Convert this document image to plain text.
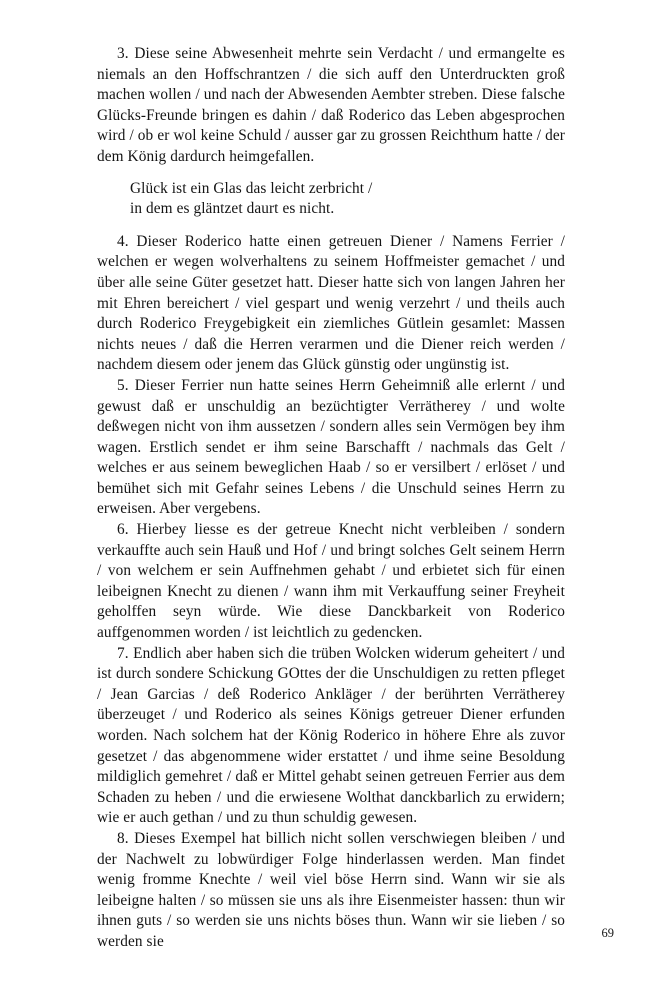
3. Diese seine Abwesenheit mehrte sein Verdacht / und ermangelte es niemals an den Hoffschrantzen / die sich auff den Unterdruckten groß machen wollen / und nach der Abwesenden Aembter streben. Diese falsche Glücks-Freunde bringen es dahin / daß Roderico das Leben abgesprochen wird / ob er wol keine Schuld / ausser gar zu grossen Reichthum hatte / der dem König dardurch heimgefallen.

Glück ist ein Glas das leicht zerbricht /
in dem es gläntzet daurt es nicht.

4. Dieser Roderico hatte einen getreuen Diener / Namens Ferrier / welchen er wegen wolverhaltens zu seinem Hoffmeister gemachet / und über alle seine Güter gesetzet hatt. Dieser hatte sich von langen Jahren her mit Ehren bereichert / viel gespart und wenig verzehrt / und theils auch durch Roderico Freygebigkeit ein ziemliches Gütlein gesamlet: Massen nichts neues / daß die Herren verarmen und die Diener reich werden / nachdem diesem oder jenem das Glück günstig oder ungünstig ist.

5. Dieser Ferrier nun hatte seines Herrn Geheimniß alle erlernt / und gewust daß er unschuldig an bezüchtigter Verrätherey / und wolte deßwegen nicht von ihm aussetzen / sondern alles sein Vermögen bey ihm wagen. Erstlich sendet er ihm seine Barschafft / nachmals das Gelt / welches er aus seinem beweglichen Haab / so er versilbert / erlöset / und bemühet sich mit Gefahr seines Lebens / die Unschuld seines Herrn zu erweisen. Aber vergebens.

6. Hierbey liesse es der getreue Knecht nicht verbleiben / sondern verkauffte auch sein Hauß und Hof / und bringt solches Gelt seinem Herrn / von welchem er sein Auffnehmen gehabt / und erbietet sich für einen leibeignen Knecht zu dienen / wann ihm mit Verkauffung seiner Freyheit geholffen seyn würde. Wie diese Danckbarkeit von Roderico auffgenommen worden / ist leichtlich zu gedencken.

7. Endlich aber haben sich die trüben Wolcken widerum geheitert / und ist durch sondere Schickung GOttes der die Unschuldigen zu retten pfleget / Jean Garcias / deß Roderico Ankläger / der berührten Verrätherey überzeuget / und Roderico als seines Königs getreuer Diener erfunden worden. Nach solchem hat der König Roderico in höhere Ehre als zuvor gesetzet / das abgenommene wider erstattet / und ihme seine Besoldung mildiglich gemehret / daß er Mittel gehabt seinen getreuen Ferrier aus dem Schaden zu heben / und die erwiesene Wolthat danckbarlich zu erwidern; wie er auch gethan / und zu thun schuldig gewesen.

8. Dieses Exempel hat billich nicht sollen verschwiegen bleiben / und der Nachwelt zu lobwürdiger Folge hinderlassen werden. Man findet wenig fromme Knechte / weil viel böse Herrn sind. Wann wir sie als leibeigne halten / so müssen sie uns als ihre Eisenmeister hassen: thun wir ihnen guts / so werden sie uns nichts böses thun. Wann wir sie lieben / so werden sie	69
